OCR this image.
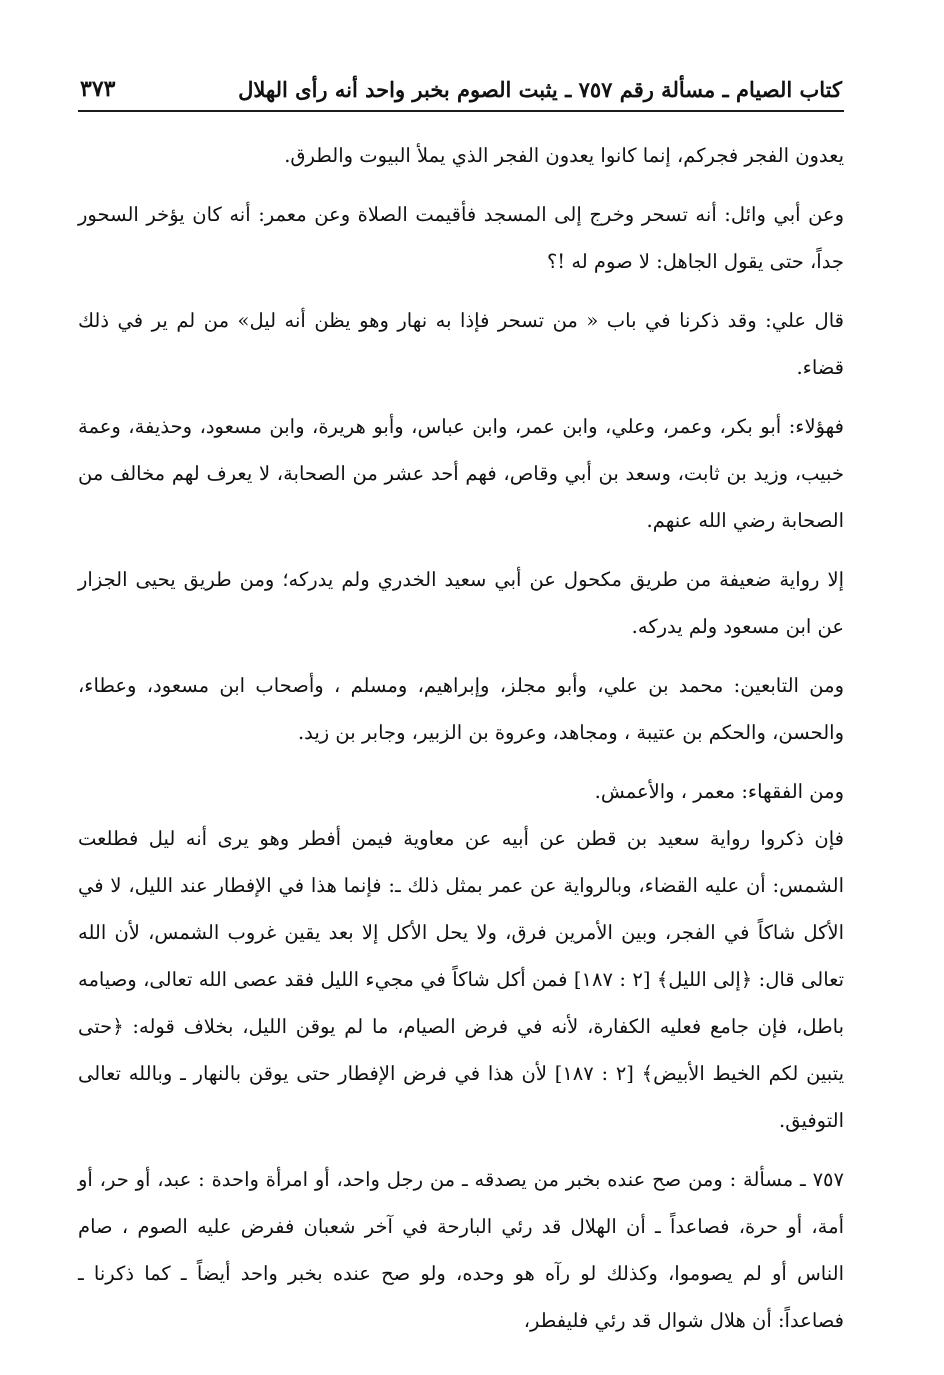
كتاب الصيام ـ مسألة رقم ٧٥٧ ـ يثبت الصوم بخبر واحد أنه رأى الهلال
٣٧٣

يعدون الفجر فجركم، إنما كانوا يعدون الفجر الذي يملأ البيوت والطرق.

وعن أبي وائل: أنه تسحر وخرج إلى المسجد فأقيمت الصلاة وعن معمر: أنه كان يؤخر السحور جداً، حتى يقول الجاهل: لا صوم له !؟

قال علي: وقد ذكرنا في باب « من تسحر فإذا به نهار وهو يظن أنه ليل» من لم ير في ذلك قضاء.

فهؤلاء: أبو بكر، وعمر، وعلي، وابن عمر، وابن عباس، وأبو هريرة، وابن مسعود، وحذيفة، وعمة خبيب، وزيد بن ثابت، وسعد بن أبي وقاص، فهم أحد عشر من الصحابة، لا يعرف لهم مخالف من الصحابة رضي الله عنهم.

إلا رواية ضعيفة من طريق مكحول عن أبي سعيد الخدري ولم يدركه؛ ومن طريق يحيى الجزار عن ابن مسعود ولم يدركه.

ومن التابعين: محمد بن علي، وأبو مجلز، وإبراهيم، ومسلم ، وأصحاب ابن مسعود، وعطاء، والحسن، والحكم بن عتيبة ، ومجاهد، وعروة بن الزبير، وجابر بن زيد.

ومن الفقهاء: معمر ، والأعمش.

فإن ذكروا رواية سعيد بن قطن عن أبيه عن معاوية فيمن أفطر وهو يرى أنه ليل فطلعت الشمس: أن عليه القضاء، وبالرواية عن عمر بمثل ذلك ـ: فإنما هذا في الإفطار عند الليل، لا في الأكل شاكاً في الفجر، وبين الأمرين فرق، ولا يحل الأكل إلا بعد يقين غروب الشمس، لأن الله تعالى قال: ﴿إلى الليل﴾ [٢ : ١٨٧] فمن أكل شاكاً في مجيء الليل فقد عصى الله تعالى، وصيامه باطل، فإن جامع فعليه الكفارة، لأنه في فرض الصيام، ما لم يوقن الليل، بخلاف قوله: ﴿حتى يتبين لكم الخيط الأبيض﴾ [٢ : ١٨٧] لأن هذا في فرض الإفطار حتى يوقن بالنهار ـ وبالله تعالى التوفيق.

٧٥٧ ـ مسألة : ومن صح عنده بخبر من يصدقه ـ من رجل واحد، أو امرأة واحدة : عبد، أو حر، أو أمة، أو حرة، فصاعداً ـ أن الهلال قد رئي البارحة في آخر شعبان ففرض عليه الصوم ، صام الناس أو لم يصوموا، وكذلك لو رآه هو وحده، ولو صح عنده بخبر واحد أيضاً ـ كما ذكرنا ـ فصاعداً: أن هلال شوال قد رئي فليفطر،
